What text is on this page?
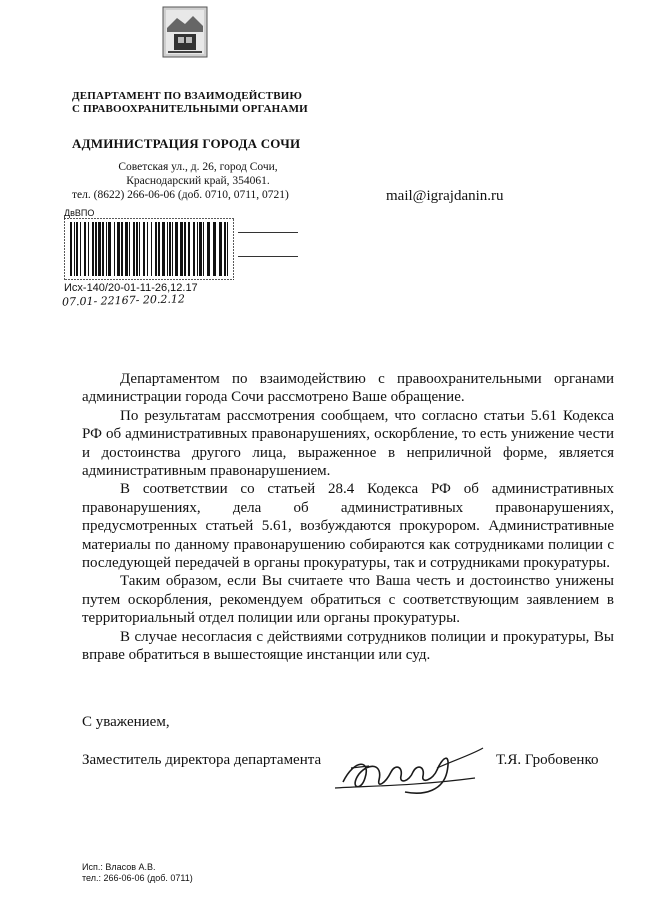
ДЕПАРТАМЕНТ ПО ВЗАИМОДЕЙСТВИЮ
С ПРАВООХРАНИТЕЛЬНЫМИ ОРГАНАМИ
АДМИНИСТРАЦИЯ ГОРОДА СОЧИ
Советская ул., д. 26, город Сочи,
Краснодарский край, 354061.
тел. (8622) 266-06-06 (доб. 0710, 0711, 0721)	mail@igrajdanin.ru
ДвВПО
Исх-140/20-01-11-26,12.17
07.01- 22167- 20.2.12

Департаментом по взаимодействию с правоохранительными органами администрации города Сочи рассмотрено Ваше обращение.

По результатам рассмотрения сообщаем, что согласно статьи 5.61 Кодекса РФ об административных правонарушениях, оскорбление, то есть унижение чести и достоинства другого лица, выраженное в неприличной форме, является административным правонарушением.

В соответствии со статьей 28.4 Кодекса РФ об административных правонарушениях, дела об административных правонарушениях, предусмотренных статьей 5.61, возбуждаются прокурором. Административные материалы по данному правонарушению собираются как сотрудниками полиции с последующей передачей в органы прокуратуры, так и сотрудниками прокуратуры.

Таким образом, если Вы считаете что Ваша честь и достоинство унижены путем оскорбления, рекомендуем обратиться с соответствующим заявлением в территориальный отдел полиции или органы прокуратуры.

В случае несогласия с действиями сотрудников полиции и прокуратуры, Вы вправе обратиться в вышестоящие инстанции или суд.

С уважением,
Заместитель директора департамента	Т.Я. Гробовенко
Исп.: Власов А.В.
тел.: 266-06-06 (доб. 0711)
